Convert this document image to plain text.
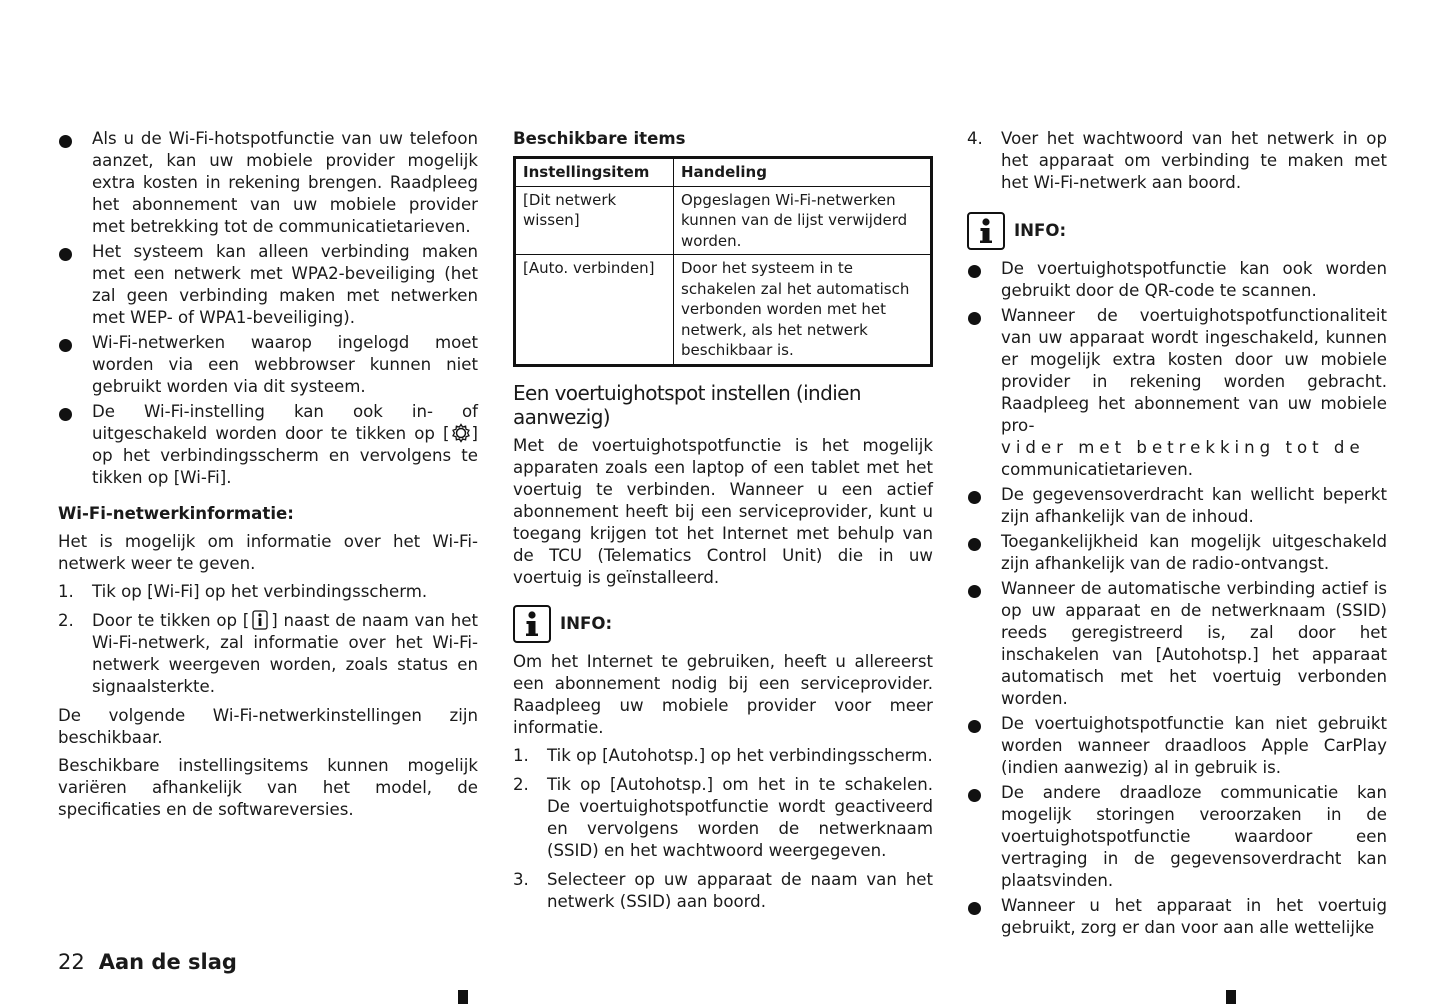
Als u de Wi-Fi-hotspotfunctie van uw telefoon aanzet, kan uw mobiele provider mogelijk extra kosten in rekening brengen. Raadpleeg het abonnement van uw mobiele provider met betrekking tot de communicatietarieven.
Het systeem kan alleen verbinding maken met een netwerk met WPA2-beveiliging (het zal geen verbinding maken met netwerken met WEP- of WPA1-beveiliging).
Wi-Fi-netwerken waarop ingelogd moet worden via een webbrowser kunnen niet gebruikt worden via dit systeem.
De Wi-Fi-instelling kan ook in- of uitgeschakeld worden door te tikken op [ ] op het verbindingsscherm en vervolgens te tikken op [Wi-Fi].

Wi-Fi-netwerkinformatie:

Het is mogelijk om informatie over het Wi-Fi-netwerk weer te geven.

1. Tik op [Wi-Fi] op het verbindingsscherm.
2. Door te tikken op [ ] naast de naam van het Wi-Fi-netwerk, zal informatie over het Wi-Fi-netwerk weergeven worden, zoals status en signaalsterkte.

De volgende Wi-Fi-netwerkinstellingen zijn beschikbaar.

Beschikbare instellingsitems kunnen mogelijk variëren afhankelijk van het model, de specificaties en de softwareversies.

Beschikbare items

Instellingsitem	Handeling
[Dit netwerk wissen]	Opgeslagen Wi-Fi-netwerken kunnen van de lijst verwijderd worden.
[Auto. verbinden]	Door het systeem in te schakelen zal het automatisch verbonden worden met het netwerk, als het netwerk beschikbaar is.
Een voertuighotspot instellen (indien aanwezig)

Met de voertuighotspotfunctie is het mogelijk apparaten zoals een laptop of een tablet met het voertuig te verbinden. Wanneer u een actief abonnement heeft bij een serviceprovider, kunt u toegang krijgen tot het Internet met behulp van de TCU (Telematics Control Unit) die in uw voertuig is geïnstalleerd.

INFO:

Om het Internet te gebruiken, heeft u allereerst een abonnement nodig bij een serviceprovider. Raadpleeg uw mobiele provider voor meer informatie.

1. Tik op [Autohotsp.] op het verbindingsscherm.
2. Tik op [Autohotsp.] om het in te schakelen. De voertuighotspotfunctie wordt geactiveerd en vervolgens worden de netwerknaam (SSID) en het wachtwoord weergegeven.
3. Selecteer op uw apparaat de naam van het netwerk (SSID) aan boord.
4. Voer het wachtwoord van het netwerk in op het apparaat om verbinding te maken met het Wi-Fi-netwerk aan boord.
INFO:
De voertuighotspotfunctie kan ook worden gebruikt door de QR-code te scannen.
Wanneer de voertuighotspotfunctionaliteit van uw apparaat wordt ingeschakeld, kunnen er mogelijk extra kosten door uw mobiele provider in rekening worden gebracht. Raadpleeg het abonnement van uw mobiele pro-
vider met betrekking tot de
communicatietarieven.
De gegevensoverdracht kan wellicht beperkt zijn afhankelijk van de inhoud.
Toegankelijkheid kan mogelijk uitgeschakeld zijn afhankelijk van de radio-ontvangst.
Wanneer de automatische verbinding actief is op uw apparaat en de netwerknaam (SSID) reeds geregistreerd is, zal door het inschakelen van [Autohotsp.] het apparaat automatisch met het voertuig verbonden worden.
De voertuighotspotfunctie kan niet gebruikt worden wanneer draadloos Apple CarPlay (indien aanwezig) al in gebruik is.
De andere draadloze communicatie kan mogelijk storingen veroorzaken in de voertuighotspotfunctie waardoor een vertraging in de gegevensoverdracht kan plaatsvinden.
Wanneer u het apparaat in het voertuig gebruikt, zorg er dan voor aan alle wettelijke
22 Aan de slag
